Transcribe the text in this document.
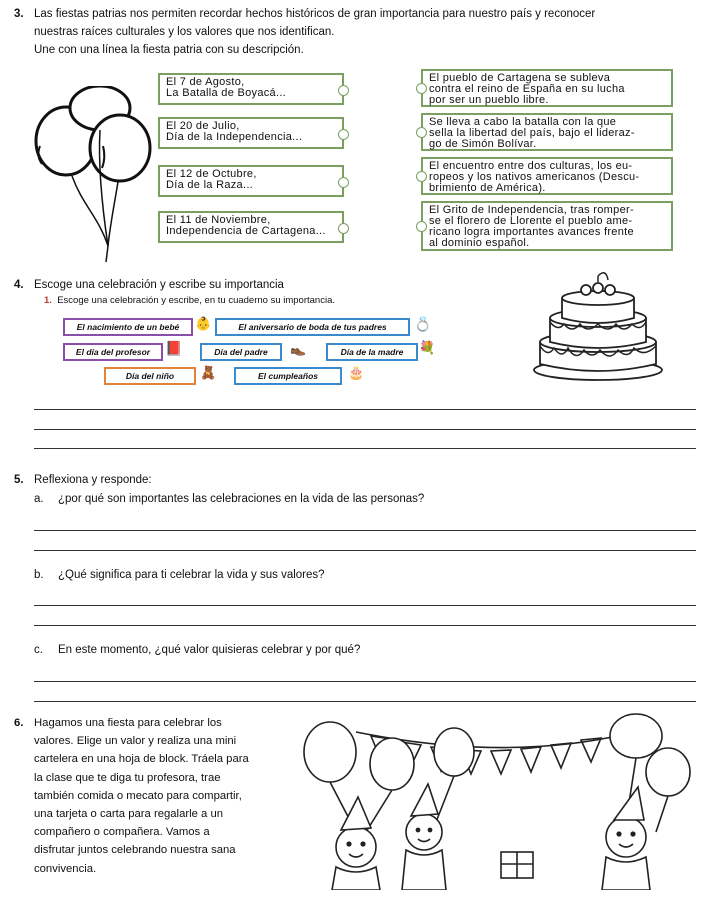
3. Las fiestas patrias nos permiten recordar hechos históricos de gran importancia para nuestro país y reconocer
nuestras raíces culturales y los valores que nos identifican.
Une con una línea la fiesta patria con su descripción.
El 7 de Agosto,
La Batalla de Boyacá...
El 20 de Julio,
Día de la Independencia...
El 12 de Octubre,
Día de la Raza...
El 11 de Noviembre,
Independencia de Cartagena...
El pueblo de Cartagena se subleva
contra el reino de España en su lucha
por ser un pueblo libre.
Se lleva a cabo la batalla con la que
sella la libertad del país, bajo el lideraz-
go de Simón Bolívar.
El encuentro entre dos culturas, los eu-
ropeos y los nativos americanos (Descu-
brimiento de América).
El Grito de Independencia, tras romper-
se el florero de Llorente el pueblo ame-
ricano logra importantes avances frente
al dominio español.
4. Escoge una celebración y escribe su importancia
1. Escoge una celebración y escribe, en tu cuaderno su importancia.
El nacimiento de un bebé	👶	El aniversario de boda de tus padres	💍
El día del profesor	📕	Día del padre	👞	Día de la madre	💐
Día del niño	🧸	El cumpleaños	🎂
5. Reflexiona y responde:
a. ¿por qué son importantes las celebraciones en la vida de las personas?
b. ¿Qué significa para ti celebrar la vida y sus valores?
c. En este momento, ¿qué valor quisieras celebrar y por qué?
6. Hagamos una fiesta para celebrar los
valores. Elige un valor y realiza una mini
cartelera en una hoja de block. Tráela para
la clase que te diga tu profesora, trae
también comida o mecato para compartir,
una tarjeta o carta para regalarle a un
compañero o compañera. Vamos a
disfrutar juntos celebrando nuestra sana
convivencia.
